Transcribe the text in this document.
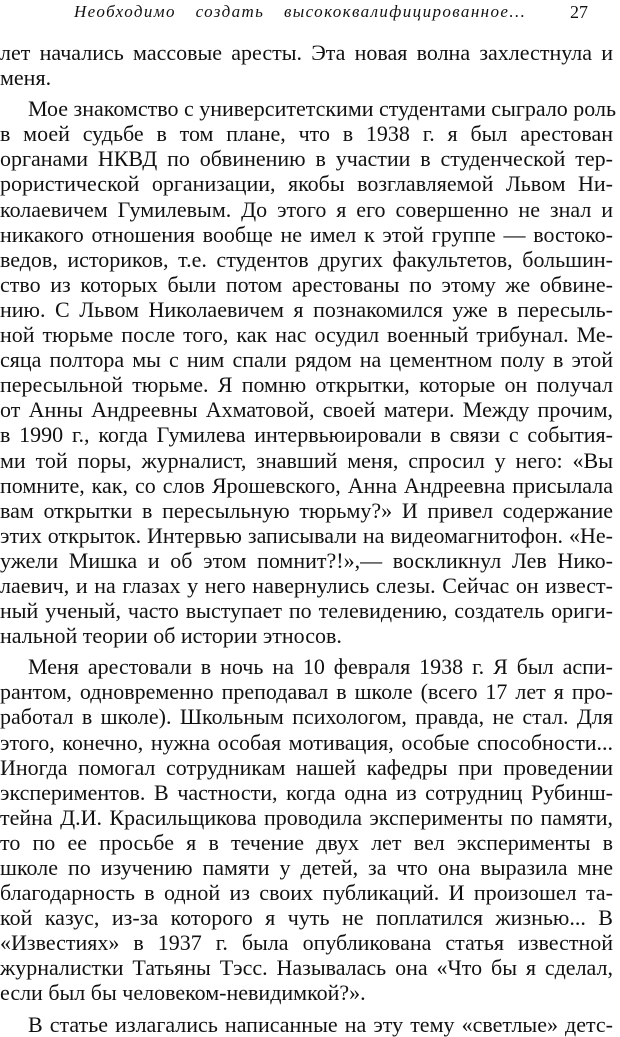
Необходимо создать высококвалифицированное... 27
лет начались массовые аресты. Эта новая волна захлестнула и
меня.
Мое знакомство с университетскими студентами сыграло роль
в моей судьбе в том плане, что в 1938 г. я был арестован
органами НКВД по обвинению в участии в студенческой тер-
рористической организации, якобы возглавляемой Львом Ни-
колаевичем Гумилевым. До этого я его совершенно не знал и
никакого отношения вообще не имел к этой группе — востоко-
ведов, историков, т.е. студентов других факультетов, большин-
ство из которых были потом арестованы по этому же обвине-
нию. С Львом Николаевичем я познакомился уже в пересыль-
ной тюрьме после того, как нас осудил военный трибунал. Ме-
сяца полтора мы с ним спали рядом на цементном полу в этой
пересыльной тюрьме. Я помню открытки, которые он получал
от Анны Андреевны Ахматовой, своей матери. Между прочим,
в 1990 г., когда Гумилева интервьюировали в связи с события-
ми той поры, журналист, знавший меня, спросил у него: «Вы
помните, как, со слов Ярошевского, Анна Андреевна присылала
вам открытки в пересыльную тюрьму?» И привел содержание
этих открыток. Интервью записывали на видеомагнитофон. «Не-
ужели Мишка и об этом помнит?!»,— воскликнул Лев Нико-
лаевич, и на глазах у него навернулись слезы. Сейчас он извест-
ный ученый, часто выступает по телевидению, создатель ориги-
нальной теории об истории этносов.
Меня арестовали в ночь на 10 февраля 1938 г. Я был аспи-
рантом, одновременно преподавал в школе (всего 17 лет я про-
работал в школе). Школьным психологом, правда, не стал. Для
этого, конечно, нужна особая мотивация, особые способности...
Иногда помогал сотрудникам нашей кафедры при проведении
экспериментов. В частности, когда одна из сотрудниц Рубинш-
тейна Д.И. Красильщикова проводила эксперименты по памяти,
то по ее просьбе я в течение двух лет вел эксперименты в
школе по изучению памяти у детей, за что она выразила мне
благодарность в одной из своих публикаций. И произошел та-
кой казус, из-за которого я чуть не поплатился жизнью... В
«Известиях» в 1937 г. была опубликована статья известной
журналистки Татьяны Тэсс. Называлась она «Что бы я сделал,
если был бы человеком-невидимкой?».
В статье излагались написанные на эту тему «светлые» детс-
